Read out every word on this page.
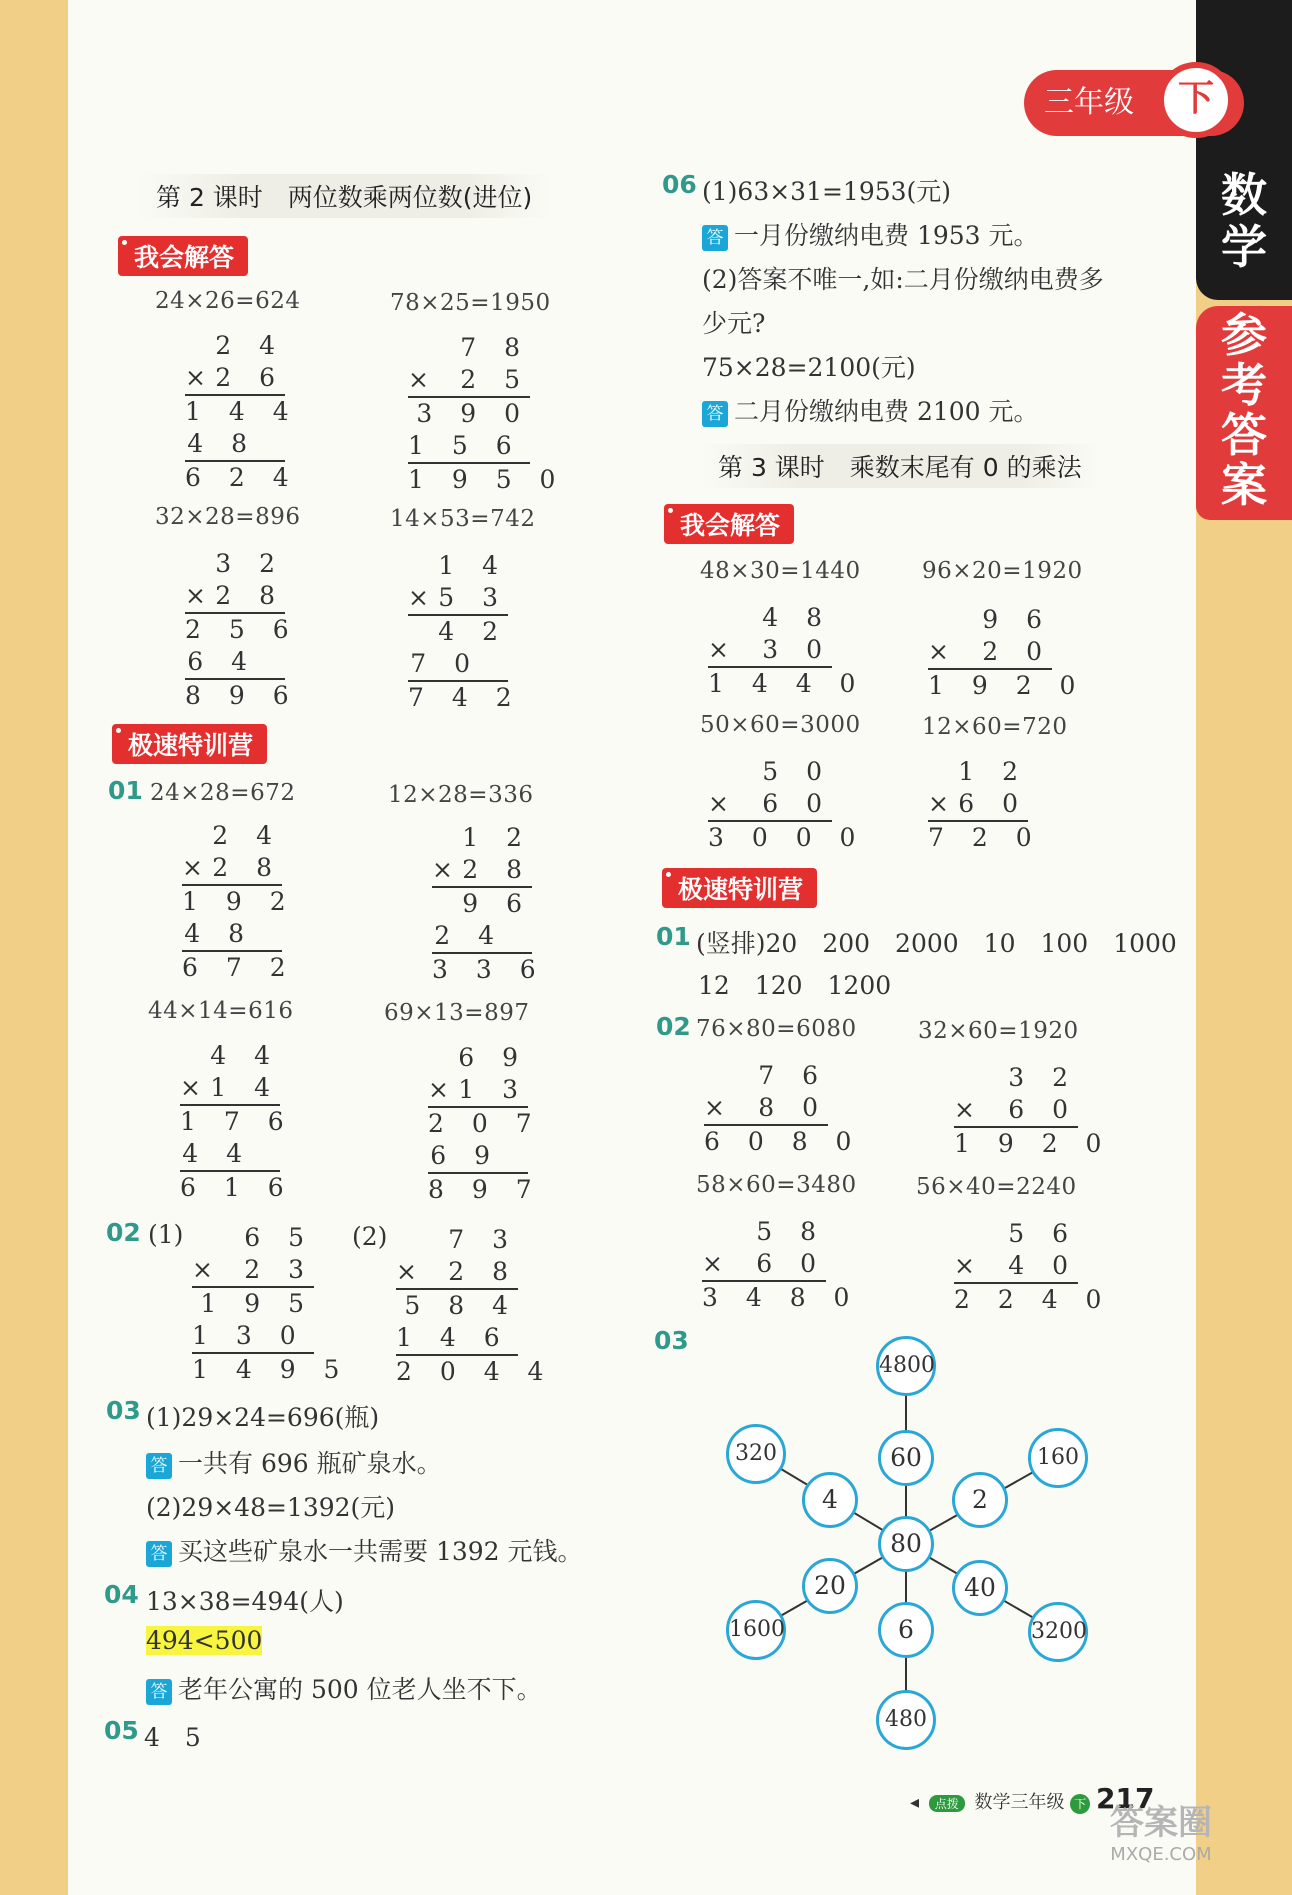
数
学
参
考
答
案
三年级	下
第 2 课时　两位数乘两位数(进位)
我会解答
24×26=624	78×25=1950
32×28=896	14×53=742
2 4
× 2 6
1 4 4
4 8
6 2 4
7 8
× 2 5
3 9 0
1 5 6
1 9 5 0
3 2
× 2 8
2 5 6
6 4
8 9 6
1 4
× 5 3
4 2
7 0
7 4 2
极速特训营
01 24×28=672	12×28=336
2 4
× 2 8
1 9 2
4 8
6 7 2
1 2
× 2 8
9 6
2 4
3 3 6
44×14=616	69×13=897
4 4
× 1 4
1 7 6
4 4
6 1 6
6 9
× 1 3
2 0 7
6 9
8 9 7
02 (1)	(2)
6 5
× 2 3
1 9 5
1 3 0
1 4 9 5
7 3
× 2 8
5 8 4
1 4 6
2 0 4 4
03 (1)29×24=696(瓶)
答 一共有 696 瓶矿泉水。
(2)29×48=1392(元)
答 买这些矿泉水一共需要 1392 元钱。
04 13×38=494(人)
494<500
答 老年公寓的 500 位老人坐不下。
05 4　5
06 (1)63×31=1953(元)
答 一月份缴纳电费 1953 元。
(2)答案不唯一,如:二月份缴纳电费多
少元?
75×28=2100(元)
答 二月份缴纳电费 2100 元。
第 3 课时　乘数末尾有 0 的乘法
我会解答
48×30=1440	96×20=1920
4 8
× 3 0
1 4 4 0
9 6
× 2 0
1 9 2 0
50×60=3000	12×60=720
5 0
× 6 0
3 0 0 0
1 2
× 6 0
7 2 0
极速特训营
01 (竖排)20　200　2000　10　100　1000
12　120　1200
02 76×80=6080	32×60=1920
7 6
× 8 0
6 0 8 0
3 2
× 6 0
1 9 2 0
58×60=3480	56×40=2240
5 8
× 6 0
3 4 8 0
5 6
× 4 0
2 2 4 0
03
80
60
2
40
6
20
4
4800
160
3200
480
1600
320
◂ 点拨 数学三年级 下 217
答案圈
MXQE.COM
